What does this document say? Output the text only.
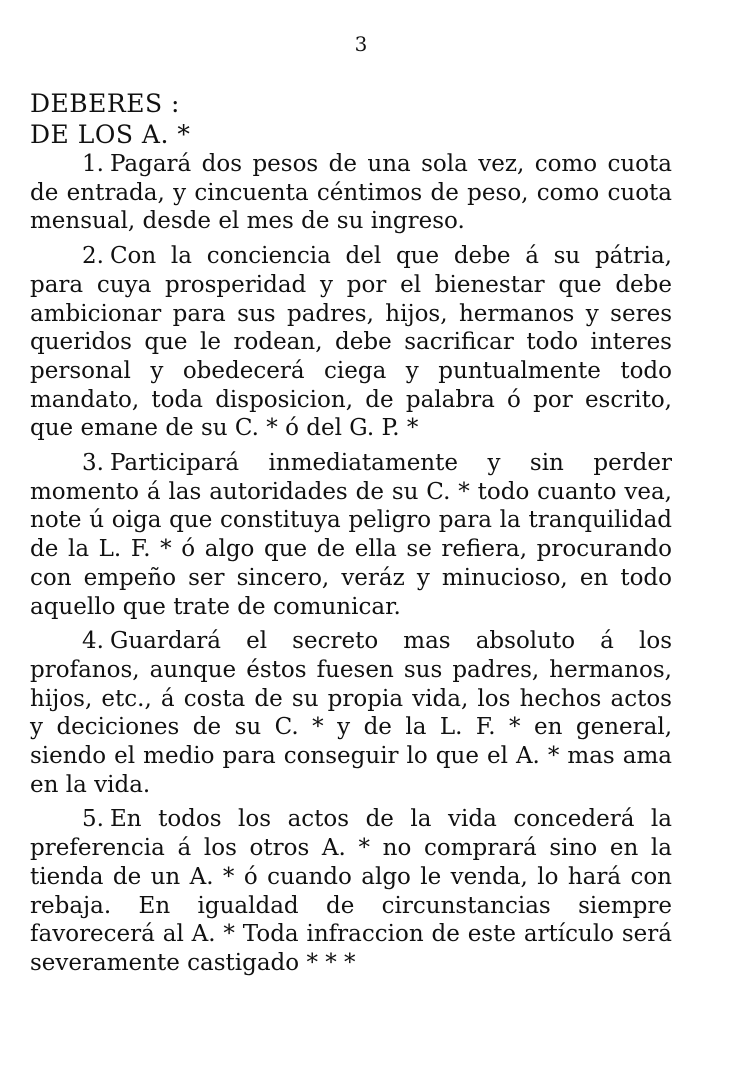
3
DEBERES :
DE LOS A. *

1. Pagará dos pesos de una sola vez, como cuota de entrada, y cincuenta céntimos de peso, como cuota mensual, desde el mes de su ingreso.

2. Con la conciencia del que debe á su pátria, para cuya prosperidad y por el bienestar que debe ambicionar para sus padres, hijos, hermanos y seres queridos que le rodean, debe sacrificar todo interes personal y obedecerá ciega y puntualmente todo mandato, toda disposicion, de palabra ó por escrito, que emane de su C. * ó del G. P. *

3. Participará inmediatamente y sin perder momento á las autoridades de su C. * todo cuanto vea, note ú oiga que constituya peligro para la tranquilidad de la L. F. * ó algo que de ella se refiera, procurando con empeño ser sincero, veráz y minucioso, en todo aquello que trate de comunicar.

4. Guardará el secreto mas absoluto á los profanos, aunque éstos fuesen sus padres, hermanos, hijos, etc., á costa de su propia vida, los hechos actos y deciciones de su C. * y de la L. F. * en general, siendo el medio para conseguir lo que el A. * mas ama en la vida.

5. En todos los actos de la vida concederá la preferencia á los otros A. * no comprará sino en la tienda de un A. * ó cuando algo le venda, lo hará con rebaja. En igualdad de circunstancias siempre favorecerá al A. * Toda infraccion de este artículo será severamente castigado * * *
